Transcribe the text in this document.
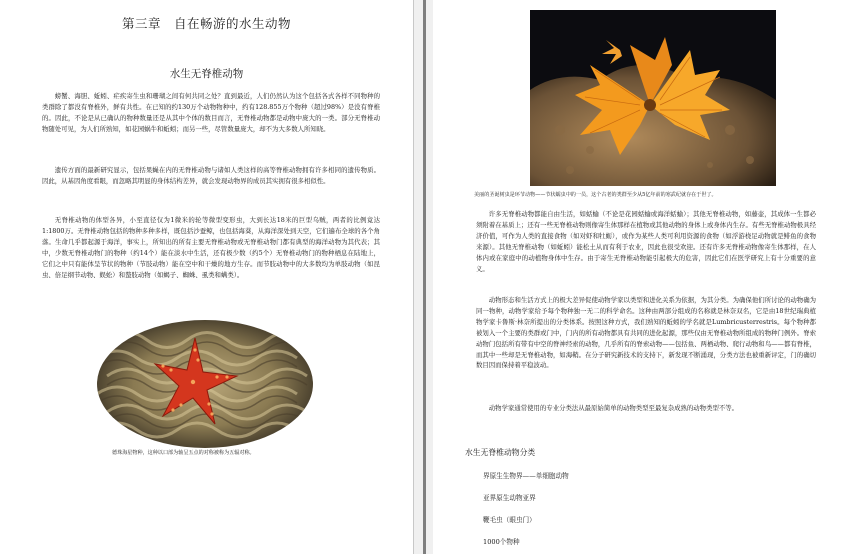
第三章　自在畅游的水生动物
水生无脊椎动物

螃蟹、海胆、蚯蚓、疟疾寄生虫和珊瑚之间有何共同之处？直到最近，人们仍然认为这个包括各式各样不同物种的类群除了都没有脊椎外，鲜有共性。在已知的约130万个动物物种中，约有128.855万个物种（超过98%）是没有脊椎的。因此，不论是从已确认的物种数量还是从其中个体的数目而言，无脊椎动物都是动物中庞大的一类。部分无脊椎动物随处可见，为人们所熟知，如花园蜗牛和蚯蚓；而另一些，尽管数量庞大，却不为大多数人所知晓。

遗传方面的最新研究显示，包括果蝇在内的无脊椎动物与诸如人类这样的高等脊椎动物拥有许多相同的遗传物质。因此，从基因角度看眼，而忽略其明显的身体结构差异，就会发现动物界的成员其实拥有很多相似性。

无脊椎动物的体型各异，小至直径仅为1微米的轮等微型变形虫，大到长达18米的巨型乌贼，两者的比例竟达1:1800万。无脊椎动物包括的物种多种多样，既包括沙蚕鲸，也包括海葵，从海洋深处到天空，它们遍布全球的各个角落。生命几乎都起源于海洋，事实上，所知出的所有主要无脊椎动物或无脊椎动物门都有典型的海洋动物为其代表；其中，少数无脊椎动物门的物种（约14个）能在淡水中生活，还有极少数（约5个）无脊椎动物门的物种栖息在陆地上，它们之中只有能体呈节状的物种（节肢动物）能在空中和干燥的地方生存。而节肢动物中的大多数均为单肢动物（如昆虫、倍足纲节动物、蜈蚣）和螯肢动物（如蝎子、蜘蛛、虱类和螨类）。

德珠海星物种，这种以口部为轴呈五点的对称被称为五辐对称。
美丽的圣诞树虫是环节动物——节状蠕虫中的一员，这个古老的类群至少从5亿年前的寒武纪就存在于世了。

许多无脊椎动物都能自由生活，如蛞蝓（不论是花园蛞蝓或海洋蛞蝓）；其他无脊椎动物，如藤壶，其成体一生都必须附着在基质上；还有一些无脊椎动物则像寄生体那样在植物或其他动物的身体上或身体内生存。有些无脊椎动物极具经济价值，可作为人类的直接食物（如对虾和牡蛎），或作为某些人类可利用资源的食物（如浮游桡足动物就是鲱鱼的食物来源）。其他无脊椎动物（如蚯蚓）能松土从而有利于农业，因此也很受欢迎。还有许多无脊椎动物像寄生体那样，在人体内或在家庭中的动植物身体中生存。由于寄生无脊椎动物能引起极大的危害，因此它们在医学研究上有十分重要的意义。

动物形态和生活方式上的极大差异促使动物学家以类型和进化关系为依据，为其分类。为确保他们所讨论的动物确为同一物种，动物学家给予每个物种独一无二的科学命名。这种由两部分组成的名称就是林奈双名，它是由18世纪瑞典植物学家卡鲁斯·林奈所提出的分类体系。按照这种方式，我们熟知的蚯蚓的学名就是Lumbricusterrestris。每个物种都被划入一个主要的类群或门中，门内的所有动物都具有共同的进化起源，那些仅由无脊椎动物所组成的物种门例外。脊索动物门包括所有带有中空的脊神经索的动物，几乎所有的脊索动物——包括鱼、两栖动物、爬行动物和鸟——都有脊椎，而其中一些却是无脊椎动物，如海鞘。在分子研究新技术的支持下，新发现不断涌现，分类方法也被重新评定，门的确切数目因而保持着平稳波动。

动物学家通常使用的专业分类法从最原始简单的动物类型至最复杂成熟的动物类型不等。

水生无脊椎动物分类
界原生生物界——单细胞动物
亚界原生动物亚界
鞭毛虫（眼虫门）
1000个物种
